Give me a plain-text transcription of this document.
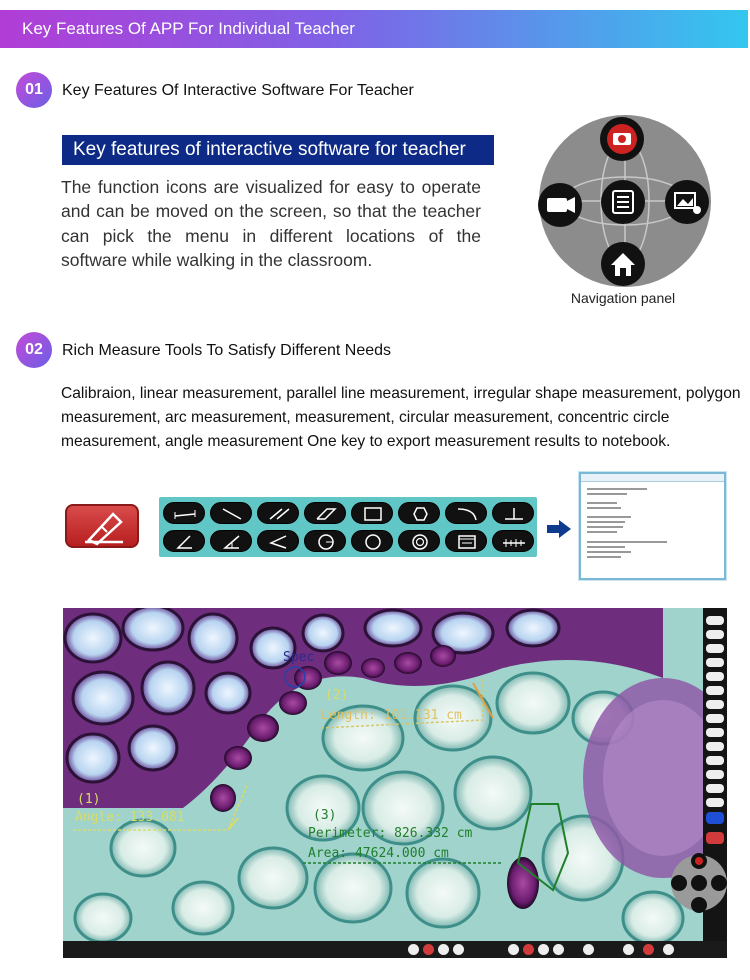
Key Features Of APP For Individual Teacher
01	Key Features Of Interactive Software For Teacher
Key features of interactive software for teacher
The function icons are visualized for easy to operate and can be moved on the screen, so that the teacher can pick the menu in different locations of the software while walking in the classroom.
Navigation panel
02	Rich Measure Tools To Satisfy Different Needs
Calibraion, linear measurement, parallel line measurement, irregular shape measurement, polygon measurement, arc measurement, measurement, circular measurement, concentric circle measurement, angle measurement One key to export measurement results to notebook.
Spec
(2)
Length: 101.131 cm
(1)
Angle: 133.081	(3)
Perimeter: 826.332 cm
Area: 47624.000 cm
